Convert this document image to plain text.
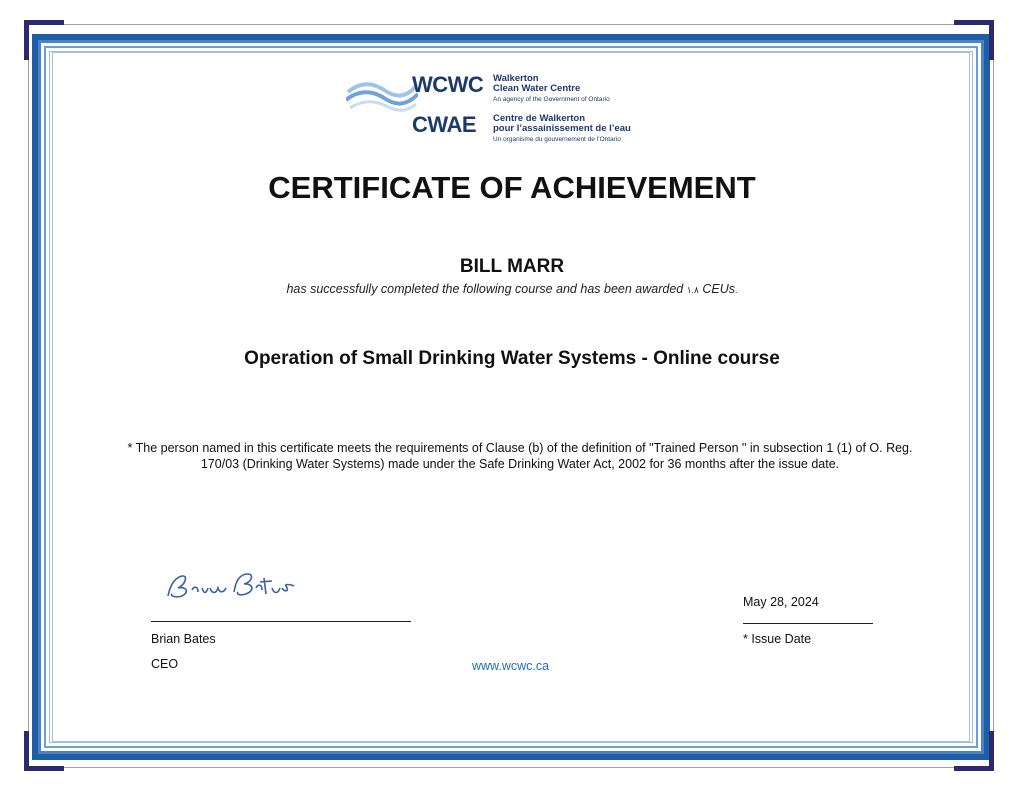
WCWC Walkerton
Clean Water Centre
An agency of the Government of Ontario
CWAE Centre de Walkerton
pour l’assainissement de l’eau
Un organisme du gouvernement de l’Ontario
CERTIFICATE OF ACHIEVEMENT
BILL MARR
has successfully completed the following course and has been awarded ١.٨ CEUs.
Operation of Small Drinking Water Systems - Online course
* The person named in this certificate meets the requirements of Clause (b) of the definition of "Trained Person " in subsection 1 (1) of O. Reg. 170/03 (Drinking Water Systems) made under the Safe Drinking Water Act, 2002 for 36 months after the issue date.
Brian Bates
CEO	www.wcwc.ca
May 28, 2024
* Issue Date
